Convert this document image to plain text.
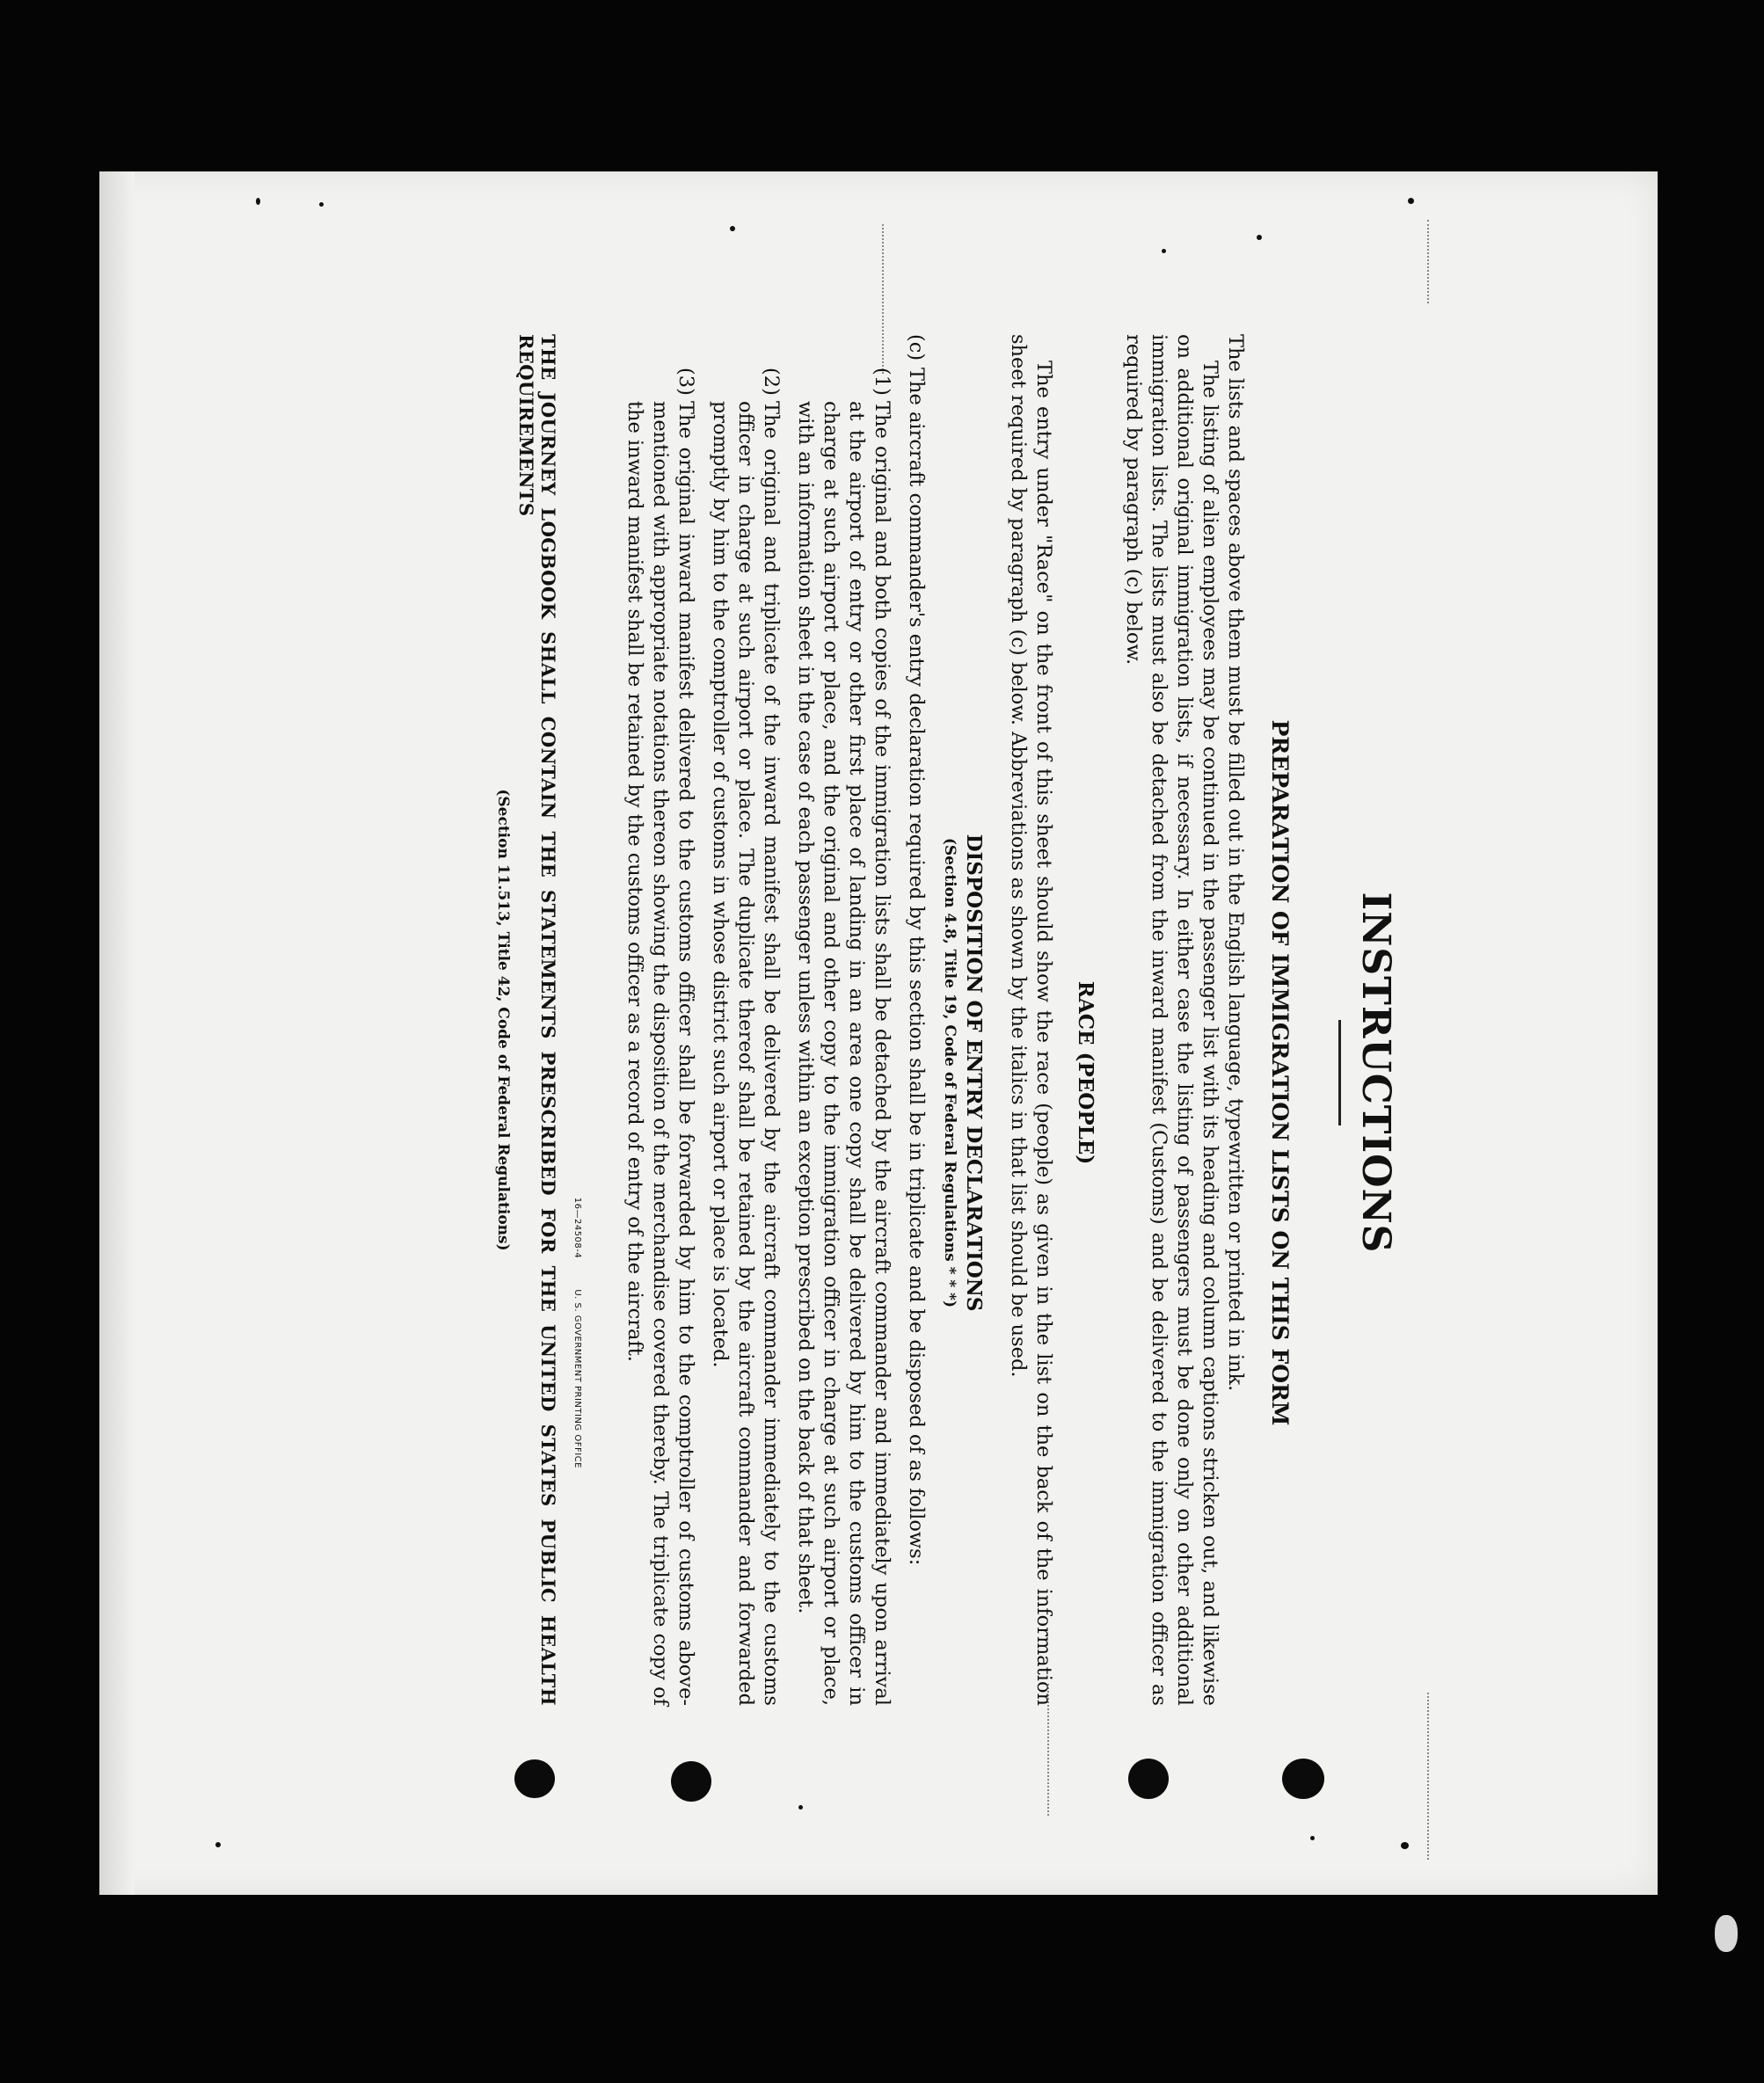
INSTRUCTIONS

PREPARATION OF IMMIGRATION LISTS ON THIS FORM

The lists and spaces above them must be filled out in the English language, typewritten or printed in ink.

The listing of alien employees may be continued in the passenger list with its heading and column captions stricken out, and likewise on additional original immigration lists, if necessary. In either case the listing of passengers must be done only on other additional immigration lists. The lists must also be detached from the inward manifest (Customs) and be delivered to the immigration officer as required by paragraph (c) below.

RACE (PEOPLE)

The entry under "Race" on the front of this sheet should show the race (people) as given in the list on the back of the information sheet required by paragraph (c) below. Abbreviations as shown by the italics in that list should be used.

DISPOSITION OF ENTRY DECLARATIONS

(Section 4.8, Title 19, Code of Federal Regulations * * *)

(c)
The aircraft commander's entry declaration required by this section shall be in triplicate and be disposed of as follows:
(1)
The original and both copies of the immigration lists shall be detached by the aircraft commander and immediately upon arrival at the airport of entry or other first place of landing in an area one copy shall be delivered by him to the customs officer in charge at such airport or place, and the original and other copy to the immigration officer in charge at such airport or place, with an information sheet in the case of each passenger unless within an exception prescribed on the back of that sheet.
(2)
The original and triplicate of the inward manifest shall be delivered by the aircraft commander immediately to the customs officer in charge at such airport or place. The duplicate thereof shall be retained by the aircraft commander and forwarded promptly by him to the comptroller of customs in whose district such airport or place is located.
(3)
The original inward manifest delivered to the customs officer shall be forwarded by him to the comptroller of customs above-mentioned with appropriate notations thereon showing the disposition of the merchandise covered thereby. The triplicate copy of the inward manifest shall be retained by the customs officer as a record of entry of the aircraft.
16—24508-4 U. S. GOVERNMENT PRINTING OFFICE

THE JOURNEY LOGBOOK SHALL CONTAIN THE STATEMENTS PRESCRIBED FOR THE UNITED STATES PUBLIC HEALTH REQUIREMENTS

(Section 11.513, Title 42, Code of Federal Regulations)
